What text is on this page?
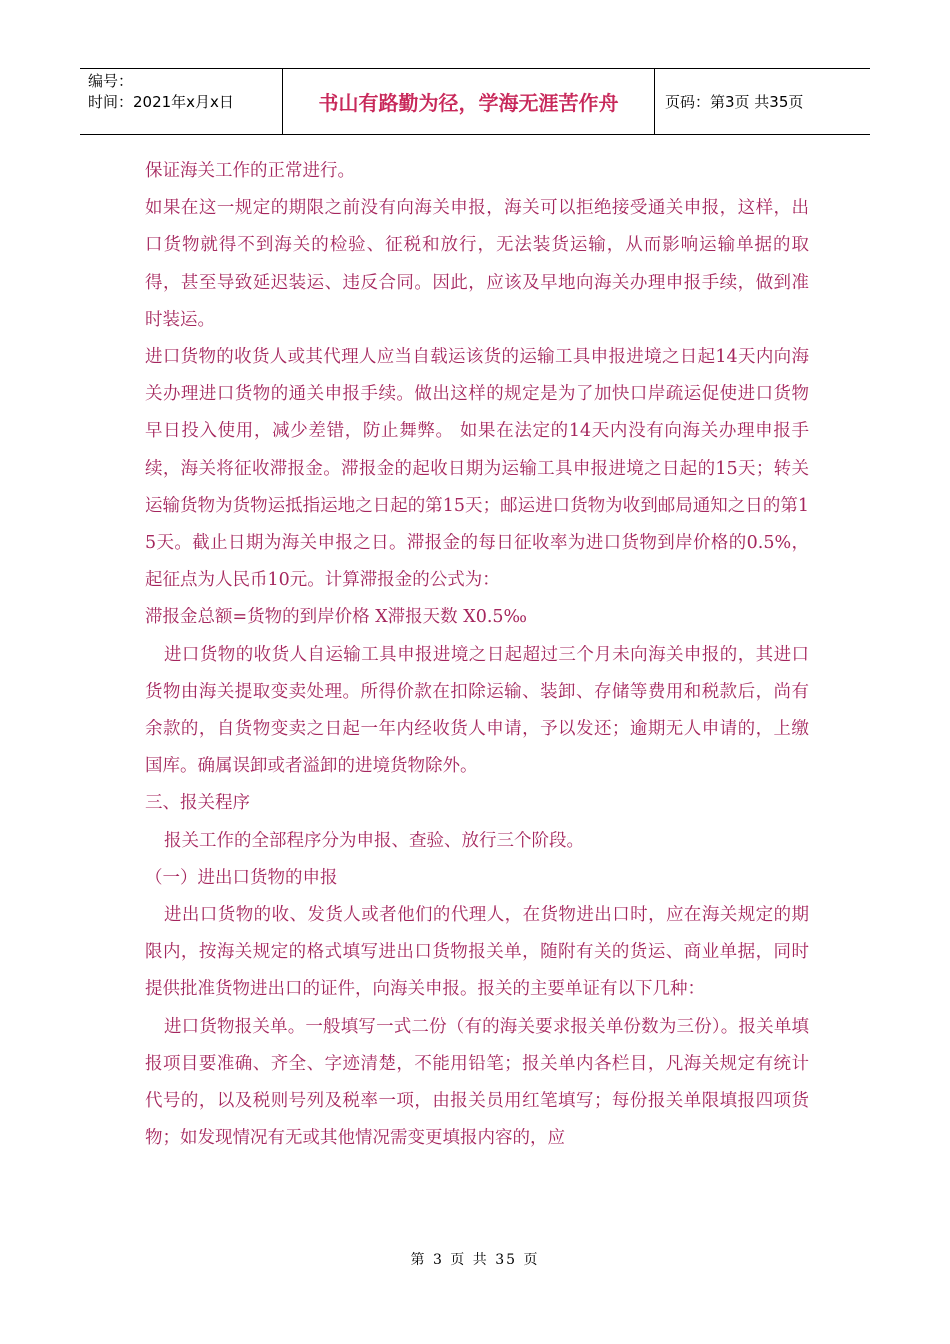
编号：
时间：2021年x月x日	书山有路勤为径，学海无涯苦作舟	页码：第3页 共35页

保证海关工作的正常进行。

如果在这一规定的期限之前没有向海关申报，海关可以拒绝接受通关申报，这样，出口货物就得不到海关的检验、征税和放行，无法装货运输，从而影响运输单据的取得，甚至导致延迟装运、违反合同。因此，应该及早地向海关办理申报手续，做到准时装运。

进口货物的收货人或其代理人应当自载运该货的运输工具申报进境之日起14天内向海关办理进口货物的通关申报手续。做出这样的规定是为了加快口岸疏运促使进口货物早日投入使用，减少差错，防止舞弊。 如果在法定的14天内没有向海关办理申报手续，海关将征收滞报金。滞报金的起收日期为运输工具申报进境之日起的15天；转关运输货物为货物运抵指运地之日起的第15天；邮运进口货物为收到邮局通知之日的第15天。截止日期为海关申报之日。滞报金的每日征收率为进口货物到岸价格的0.5%，起征点为人民币10元。计算滞报金的公式为：

滞报金总额=货物的到岸价格 X滞报天数 X0.5‰

进口货物的收货人自运输工具申报进境之日起超过三个月未向海关申报的，其进口货物由海关提取变卖处理。所得价款在扣除运输、装卸、存储等费用和税款后，尚有余款的，自货物变卖之日起一年内经收货人申请，予以发还；逾期无人申请的，上缴国库。确属误卸或者溢卸的进境货物除外。

三、报关程序

报关工作的全部程序分为申报、查验、放行三个阶段。

（一）进出口货物的申报

进出口货物的收、发货人或者他们的代理人，在货物进出口时，应在海关规定的期限内，按海关规定的格式填写进出口货物报关单，随附有关的货运、商业单据，同时提供批准货物进出口的证件，向海关申报。报关的主要单证有以下几种：

进口货物报关单。一般填写一式二份（有的海关要求报关单份数为三份）。报关单填报项目要准确、齐全、字迹清楚，不能用铅笔；报关单内各栏目，凡海关规定有统计代号的，以及税则号列及税率一项，由报关员用红笔填写；每份报关单限填报四项货物；如发现情况有无或其他情况需变更填报内容的，应

第 3 页 共 35 页
